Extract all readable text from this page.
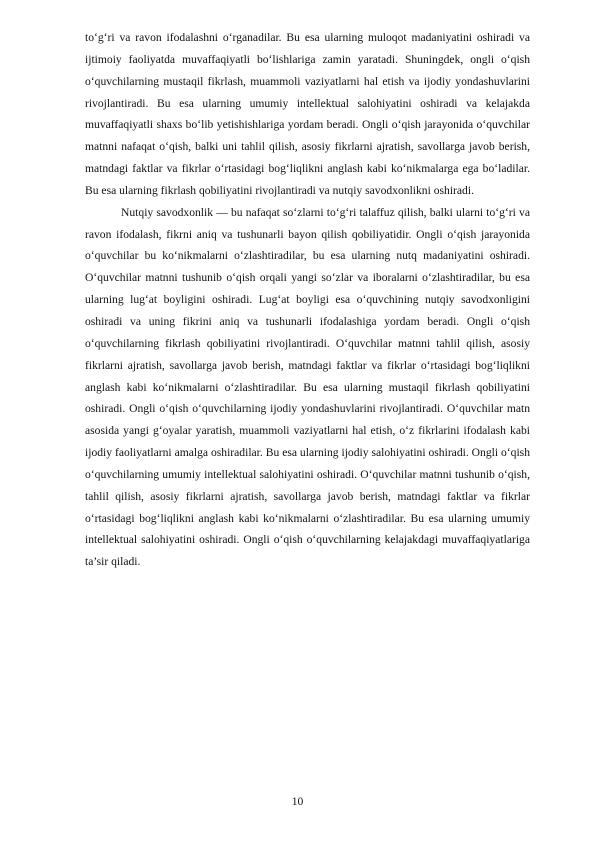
to‘g‘ri va ravon ifodalashni o‘rganadilar. Bu esa ularning muloqot madaniyatini oshiradi va ijtimoiy faoliyatda muvaffaqiyatli bo‘lishlariga zamin yaratadi. Shuningdek, ongli o‘qish o‘quvchilarning mustaqil fikrlash, muammoli vaziyatlarni hal etish va ijodiy yondashuvlarini rivojlantiradi. Bu esa ularning umumiy intellektual salohiyatini oshiradi va kelajakda muvaffaqiyatli shaxs bo‘lib yetishishlariga yordam beradi. Ongli o‘qish jarayonida o‘quvchilar matnni nafaqat o‘qish, balki uni tahlil qilish, asosiy fikrlarni ajratish, savollarga javob berish, matndagi faktlar va fikrlar o‘rtasidagi bog‘liqlikni anglash kabi ko‘nikmalarga ega bo‘ladilar. Bu esa ularning fikrlash qobiliyatini rivojlantiradi va nutqiy savodxonlikni oshiradi.

Nutqiy savodxonlik — bu nafaqat so‘zlarni to‘g‘ri talaffuz qilish, balki ularni to‘g‘ri va ravon ifodalash, fikrni aniq va tushunarli bayon qilish qobiliyatidir. Ongli o‘qish jarayonida o‘quvchilar bu ko‘nikmalarni o‘zlashtiradilar, bu esa ularning nutq madaniyatini oshiradi. O‘quvchilar matnni tushunib o‘qish orqali yangi so‘zlar va iboralarni o‘zlashtiradilar, bu esa ularning lug‘at boyligini oshiradi. Lug‘at boyligi esa o‘quvchining nutqiy savodxonligini oshiradi va uning fikrini aniq va tushunarli ifodalashiga yordam beradi. Ongli o‘qish o‘quvchilarning fikrlash qobiliyatini rivojlantiradi. O‘quvchilar matnni tahlil qilish, asosiy fikrlarni ajratish, savollarga javob berish, matndagi faktlar va fikrlar o‘rtasidagi bog‘liqlikni anglash kabi ko‘nikmalarni o‘zlashtiradilar. Bu esa ularning mustaqil fikrlash qobiliyatini oshiradi. Ongli o‘qish o‘quvchilarning ijodiy yondashuvlarini rivojlantiradi. O‘quvchilar matn asosida yangi g‘oyalar yaratish, muammoli vaziyatlarni hal etish, o‘z fikrlarini ifodalash kabi ijodiy faoliyatlarni amalga oshiradilar. Bu esa ularning ijodiy salohiyatini oshiradi. Ongli o‘qish o‘quvchilarning umumiy intellektual salohiyatini oshiradi. O‘quvchilar matnni tushunib o‘qish, tahlil qilish, asosiy fikrlarni ajratish, savollarga javob berish, matndagi faktlar va fikrlar o‘rtasidagi bog‘liqlikni anglash kabi ko‘nikmalarni o‘zlashtiradilar. Bu esa ularning umumiy intellektual salohiyatini oshiradi. Ongli o‘qish o‘quvchilarning kelajakdagi muvaffaqiyatlariga ta’sir qiladi.

10
